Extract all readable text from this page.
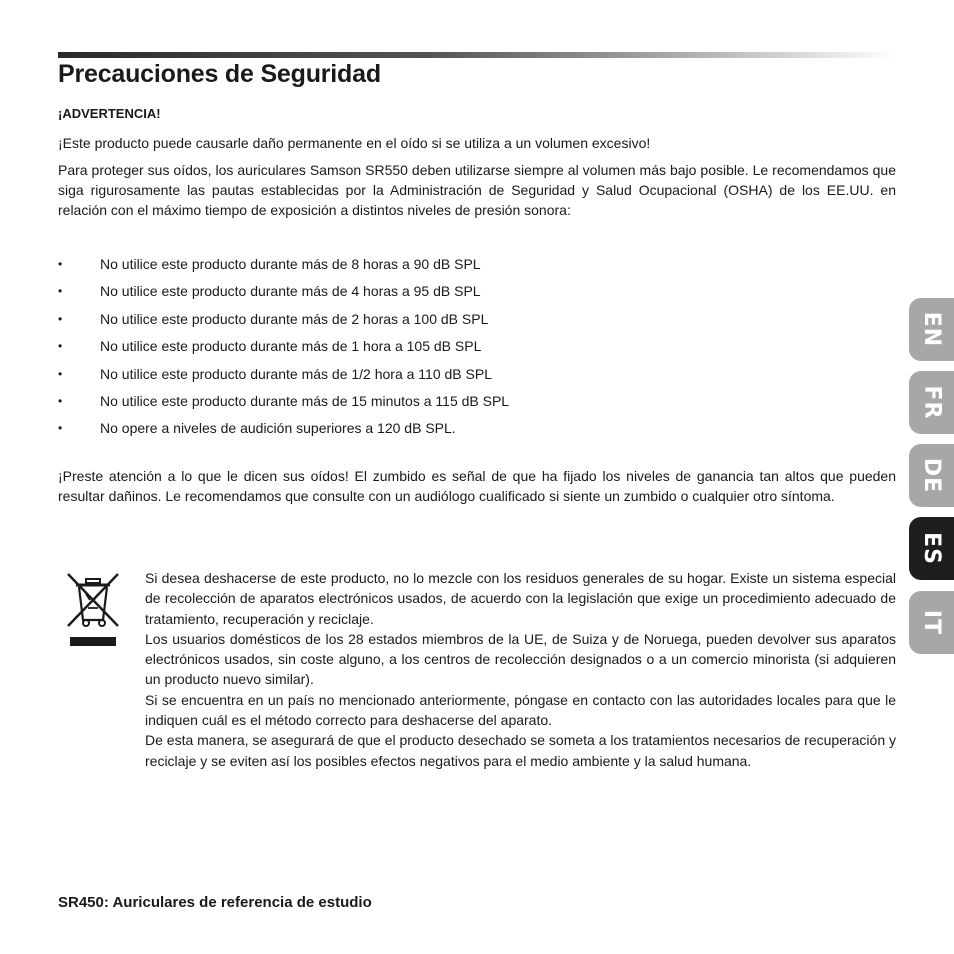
Precauciones de Seguridad

¡ADVERTENCIA!

¡Este producto puede causarle daño permanente en el oído si se utiliza a un volumen excesivo!

Para proteger sus oídos, los auriculares Samson SR550 deben utilizarse siempre al volumen más bajo posible. Le recomendamos que siga rigurosamente las pautas establecidas por la Administración de Seguridad y Salud Ocupacional (OSHA) de los EE.UU. en relación con el máximo tiempo de exposición a distintos niveles de presión sonora:

•	No utilice este producto durante más de 8 horas a 90 dB SPL
•	No utilice este producto durante más de 4 horas a 95 dB SPL
•	No utilice este producto durante más de 2 horas a 100 dB SPL
•	No utilice este producto durante más de 1 hora a 105 dB SPL
•	No utilice este producto durante más de 1/2 hora a 110 dB SPL
•	No utilice este producto durante más de 15 minutos a 115 dB SPL
•	No opere a niveles de audición superiores a 120 dB SPL.

¡Preste atención a lo que le dicen sus oídos! El zumbido es señal de que ha fijado los niveles de ganancia tan altos que pueden resultar dañinos. Le recomendamos que consulte con un audiólogo cualificado si siente un zumbido o cualquier otro síntoma.

Si desea deshacerse de este producto, no lo mezcle con los residuos generales de su hogar. Existe un sistema especial de recolección de aparatos electrónicos usados, de acuerdo con la legislación que exige un procedimiento adecuado de tratamiento, recuperación y reciclaje.

Los usuarios domésticos de los 28 estados miembros de la UE, de Suiza y de Noruega, pueden devolver sus aparatos electrónicos usados, sin coste alguno, a los centros de recolección designados o a un comercio minorista (si adquieren un producto nuevo similar).

Si se encuentra en un país no mencionado anteriormente, póngase en contacto con las autoridades locales para que le indiquen cuál es el método correcto para deshacerse del aparato.

De esta manera, se asegurará de que el producto desechado se someta a los tratamientos necesarios de recuperación y reciclaje y se eviten así los posibles efectos negativos para el medio ambiente y la salud humana.

SR450: Auriculares de referencia de estudio

EN
FR
DE
ES
IT
